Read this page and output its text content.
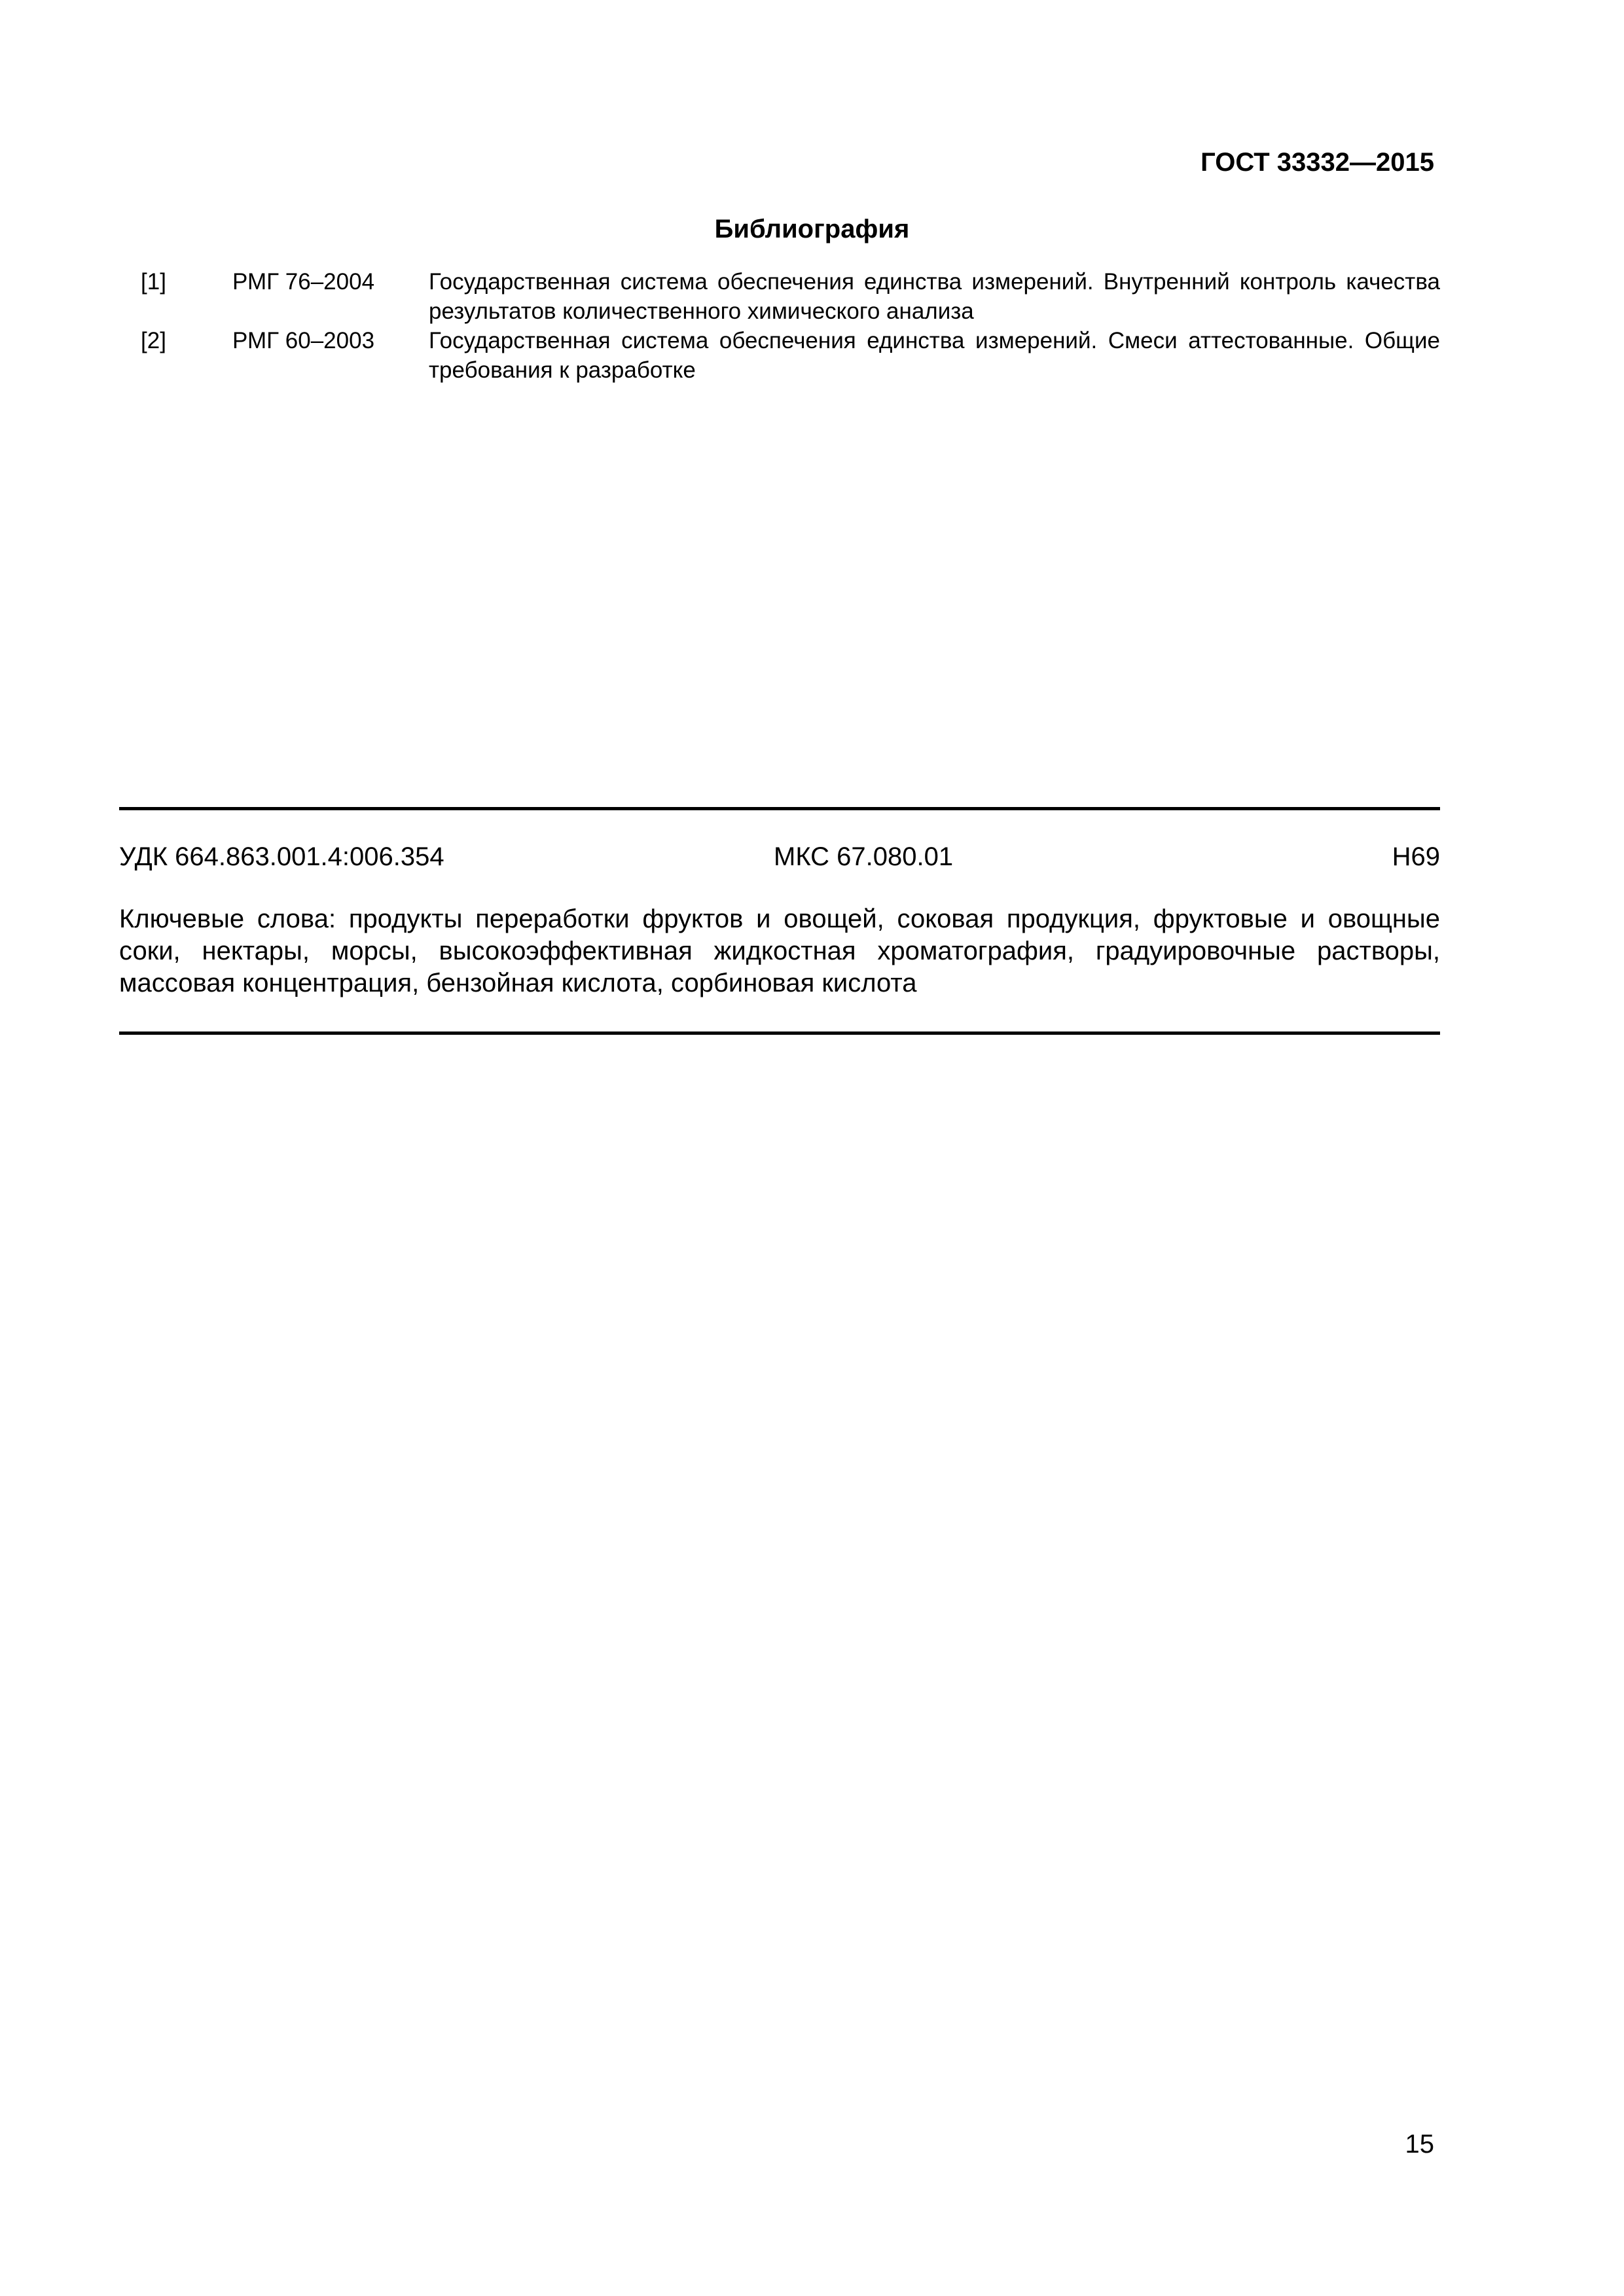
ГОСТ 33332—2015
Библиография
[1]	РМГ 76–2004	Государственная система обеспечения единства измерений. Внутренний контроль качества результатов количественного химического анализа
[2]	РМГ 60–2003	Государственная система обеспечения единства измерений. Смеси аттестованные. Общие требования к разработке
УДК 664.863.001.4:006.354	МКС 67.080.01	Н69
Ключевые слова: продукты переработки фруктов и овощей, соковая продукция, фруктовые и овощные соки, нектары, морсы, высокоэффективная жидкостная хроматография, градуировочные растворы, массовая концентрация, бензойная кислота, сорбиновая кислота
15
